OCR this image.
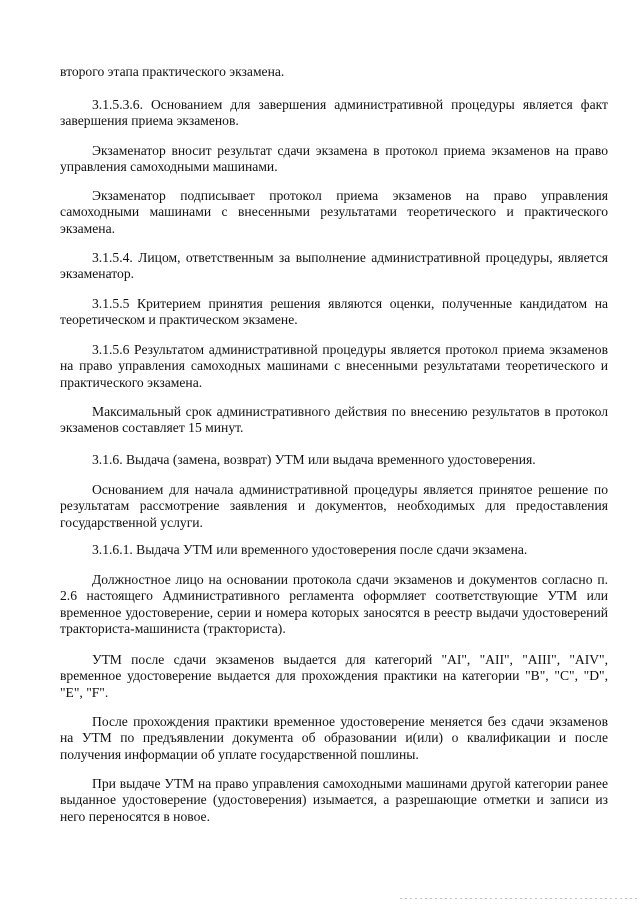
второго этапа практического экзамена.

3.1.5.3.6. Основанием для завершения административной процедуры является факт завершения приема экзаменов.

Экзаменатор вносит результат сдачи экзамена в протокол приема экзаменов на право управления самоходными машинами.

Экзаменатор подписывает протокол приема экзаменов на право управления самоходными машинами с внесенными результатами теоретического и практического экзамена.

3.1.5.4. Лицом, ответственным за выполнение административной процедуры, является экзаменатор.

3.1.5.5 Критерием принятия решения являются оценки, полученные кандидатом на теоретическом и практическом экзамене.

3.1.5.6 Результатом административной процедуры является протокол приема экзаменов на право управления самоходных машинами с внесенными результатами теоретического и практического экзамена.

Максимальный срок административного действия по внесению результатов в протокол экзаменов составляет 15 минут.

3.1.6. Выдача (замена, возврат) УТМ или выдача временного удостоверения.

Основанием для начала административной процедуры является принятое решение по результатам рассмотрение заявления и документов, необходимых для предоставления государственной услуги.

3.1.6.1. Выдача УТМ или временного удостоверения после сдачи экзамена.

Должностное лицо на основании протокола сдачи экзаменов и документов согласно п. 2.6 настоящего Административного регламента оформляет соответствующие УТМ или временное удостоверение, серии и номера которых заносятся в реестр выдачи удостоверений тракториста-машиниста (тракториста).

УТМ после сдачи экзаменов выдается для категорий "AI", "AII", "AIII", "AIV", временное удостоверение выдается для прохождения практики на категории "B", "C", "D", "E", "F".

После прохождения практики временное удостоверение меняется без сдачи экзаменов на УТМ по предъявлении документа об образовании и(или) о квалификации и после получения информации об уплате государственной пошлины.

При выдаче УТМ на право управления самоходными машинами другой категории ранее выданное удостоверение (удостоверения) изымается, а разрешающие отметки и записи из него переносятся в новое.
